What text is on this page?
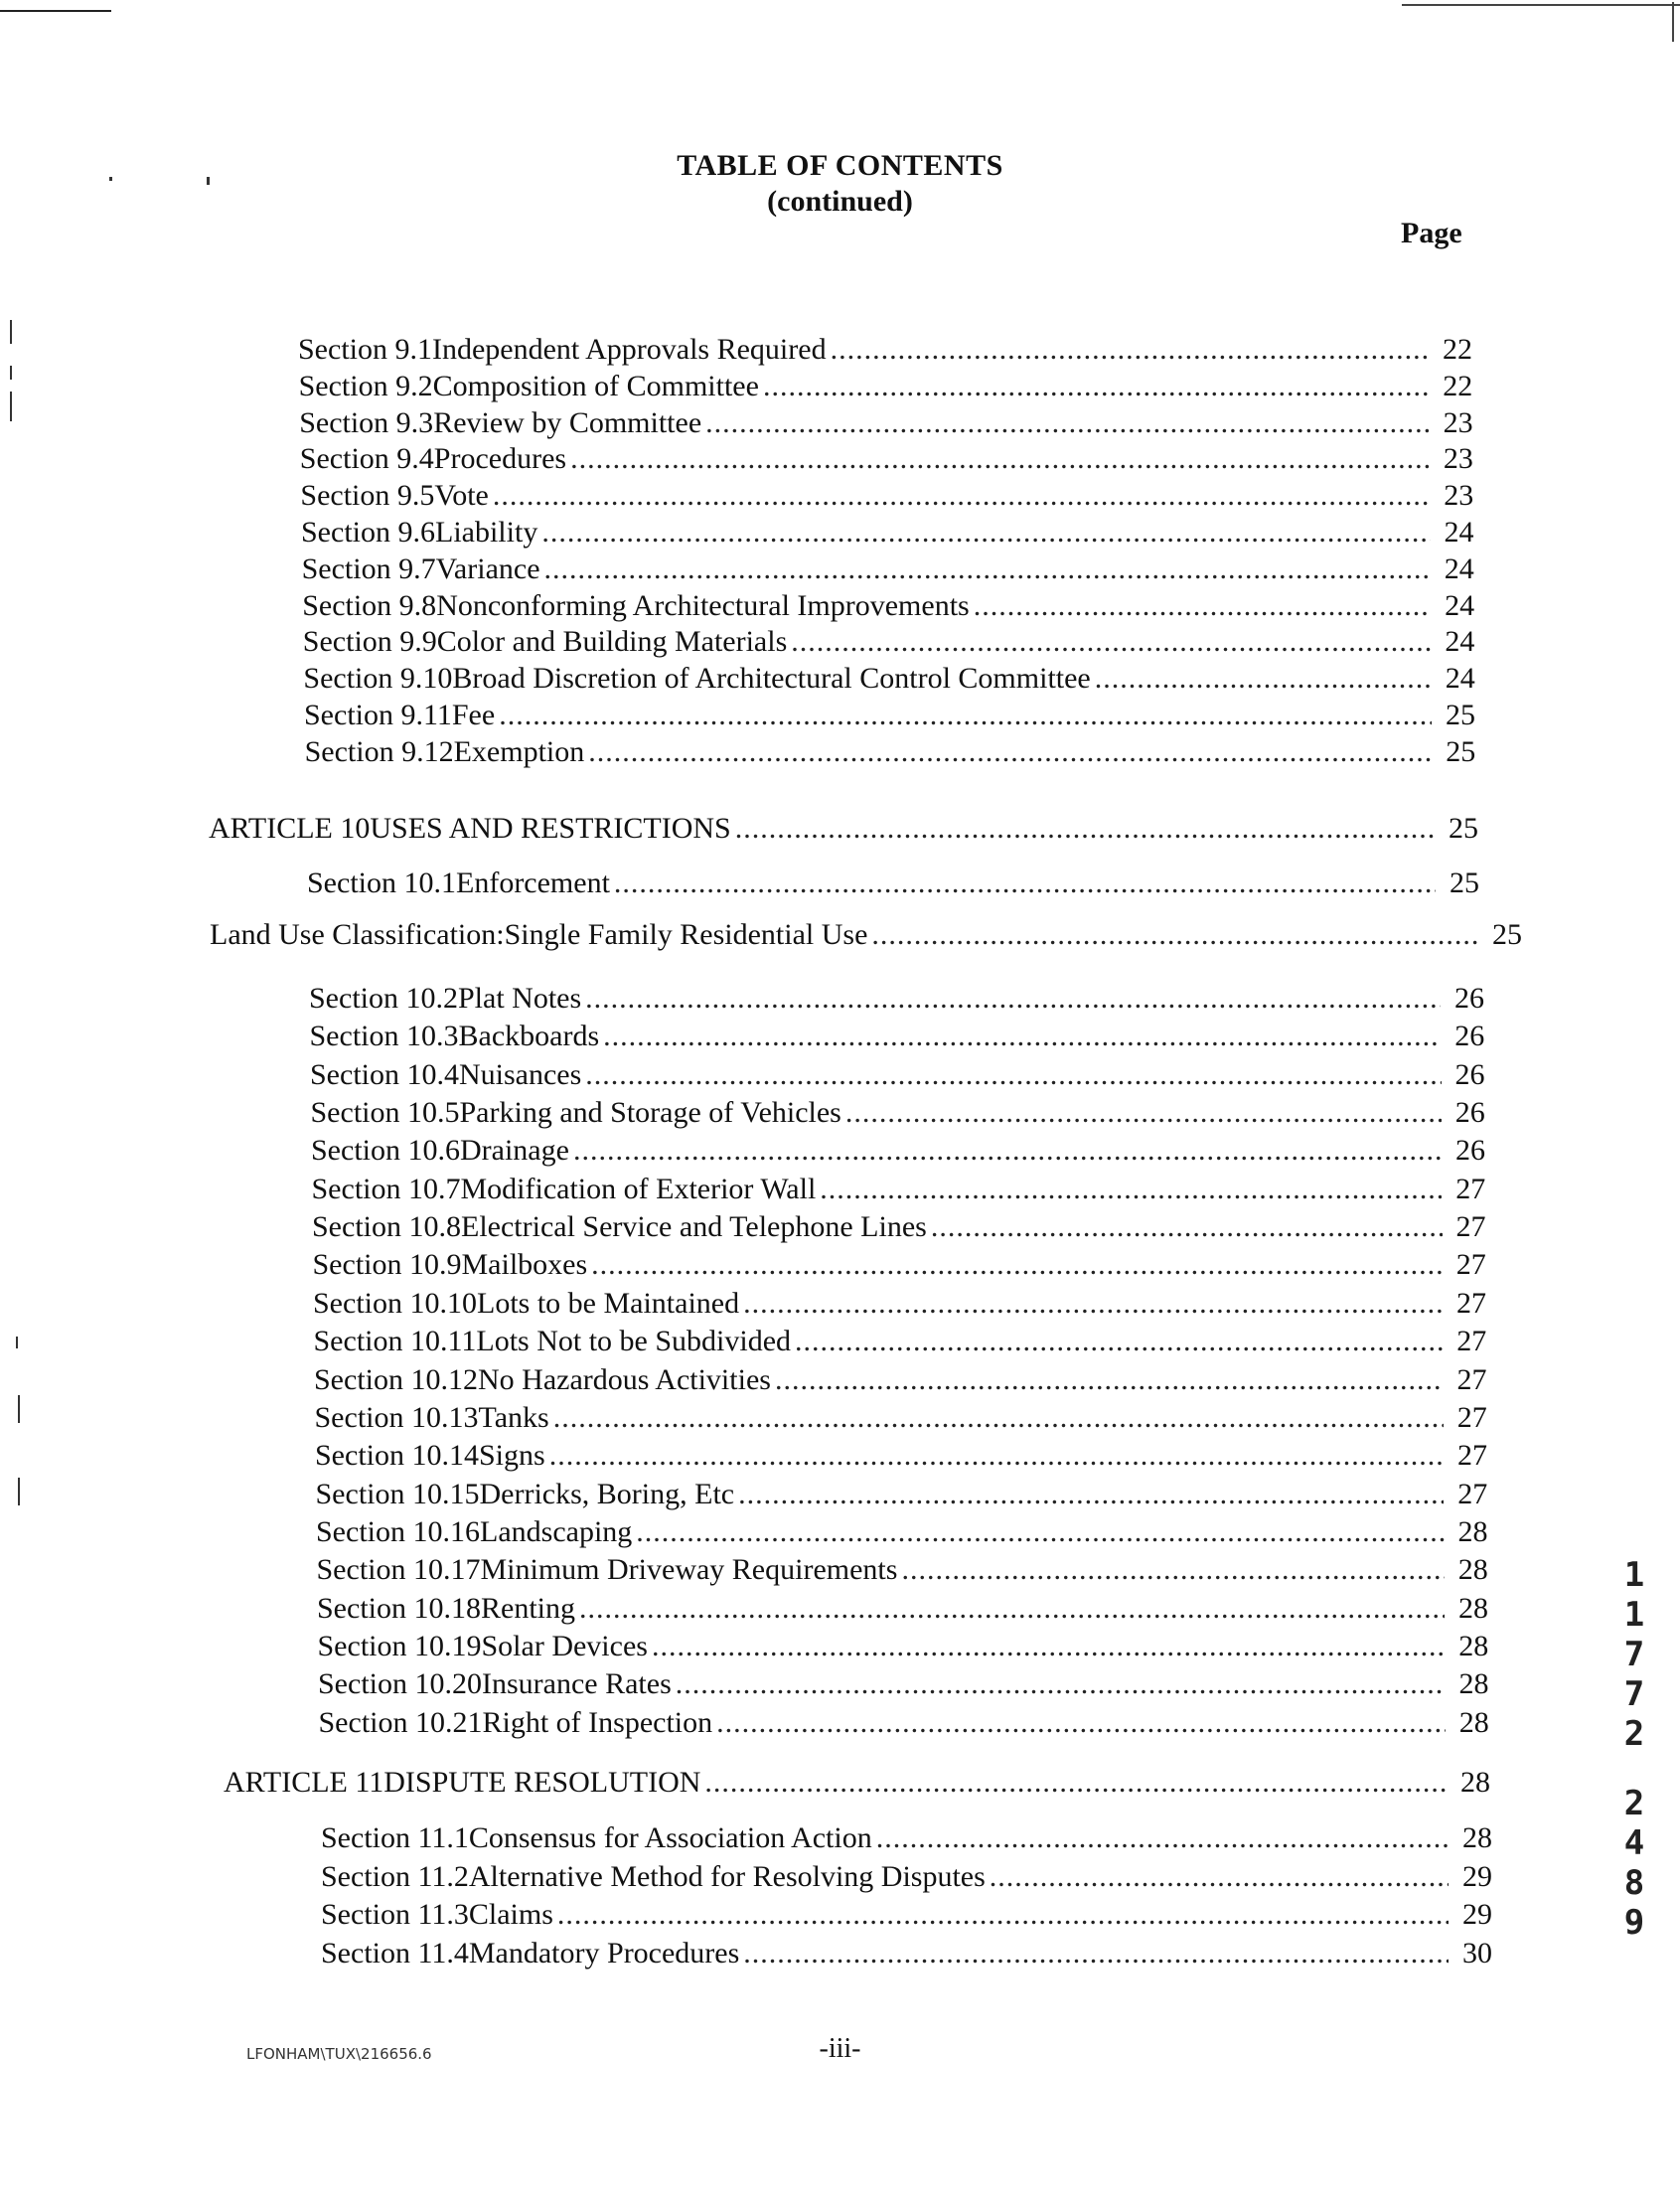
TABLE OF CONTENTS
(continued)
Page
Section 9.1 Independent Approvals Required .....	22
Section 9.2 Composition of Committee .....	22
Section 9.3 Review by Committee .....	23
Section 9.4 Procedures .....	23
Section 9.5 Vote .....	23
Section 9.6 Liability .....	24
Section 9.7 Variance .....	24
Section 9.8 Nonconforming Architectural Improvements .....	24
Section 9.9 Color and Building Materials .....	24
Section 9.10 Broad Discretion of Architectural Control Committee .....	24
Section 9.11 Fee .....	25
Section 9.12 Exemption .....	25
ARTICLE 10 USES AND RESTRICTIONS .....	25
Section 10.1 Enforcement .....	25
Land Use Classification: Single Family Residential Use .....	25
Section 10.2 Plat Notes .....	26
Section 10.3 Backboards .....	26
Section 10.4 Nuisances .....	26
Section 10.5 Parking and Storage of Vehicles .....	26
Section 10.6 Drainage .....	26
Section 10.7 Modification of Exterior Wall .....	27
Section 10.8 Electrical Service and Telephone Lines .....	27
Section 10.9 Mailboxes .....	27
Section 10.10 Lots to be Maintained .....	27
Section 10.11 Lots Not to be Subdivided .....	27
Section 10.12 No Hazardous Activities .....	27
Section 10.13 Tanks .....	27
Section 10.14 Signs .....	27
Section 10.15 Derricks, Boring, Etc .....	27
Section 10.16 Landscaping .....	28
Section 10.17 Minimum Driveway Requirements .....	28
Section 10.18 Renting .....	28
Section 10.19 Solar Devices .....	28
Section 10.20 Insurance Rates .....	28
Section 10.21 Right of Inspection .....	28
ARTICLE 11 DISPUTE RESOLUTION .....	28
Section 11.1 Consensus for Association Action .....	28
Section 11.2 Alternative Method for Resolving Disputes .....	29
Section 11.3 Claims .....	29
Section 11.4 Mandatory Procedures .....	30
LFONHAM\TUX\216656.6	-iii-
1
1
7
7
2
2
4
8
9
